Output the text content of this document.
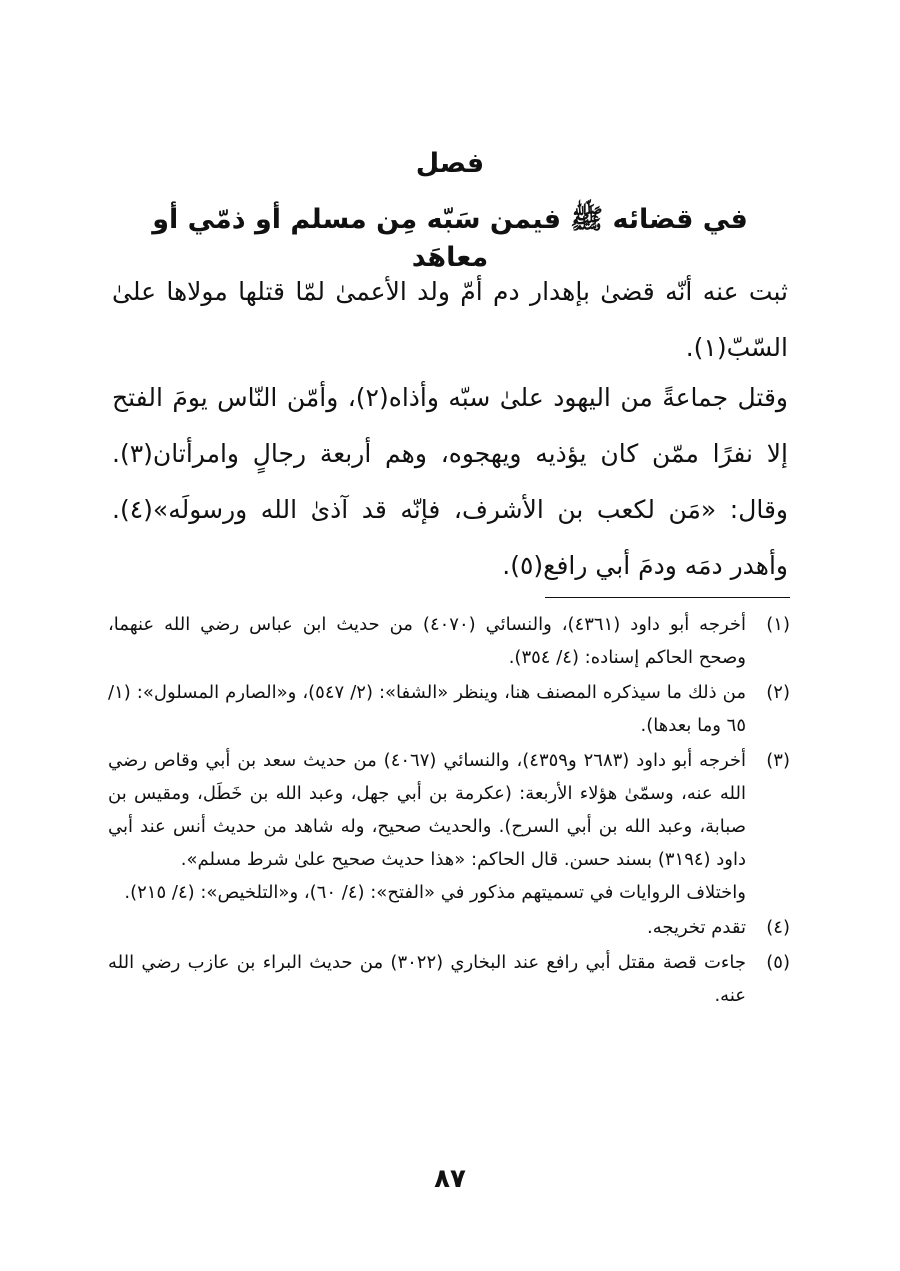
فصل
في قضائه ﷺ فيمن سَبّه مِن مسلم أو ذمّي أو معاهَد
ثبت عنه أنّه قضىٰ بإهدار دم أمّ ولد الأعمىٰ لمّا قتلها مولاها علىٰ السّبّ(١).
وقتل جماعةً من اليهود علىٰ سبّه وأذاه(٢)، وأمّن النّاس يومَ الفتح إلا نفرًا ممّن كان يؤذيه ويهجوه، وهم أربعة رجالٍ وامرأتان(٣). وقال: «مَن لكعب بن الأشرف، فإنّه قد آذىٰ الله ورسولَه»(٤). وأهدر دمَه ودمَ أبي رافع(٥).
(١)

أخرجه أبو داود (٤٣٦١)، والنسائي (٤٠٧٠) من حديث ابن عباس رضي الله عنهما، وصحح الحاكم إسناده: (٤/ ٣٥٤).

(٢)

من ذلك ما سيذكره المصنف هنا، وينظر «الشفا»: (٢/ ٥٤٧)، و«الصارم المسلول»: (١/ ٦٥ وما بعدها).

(٣)

أخرجه أبو داود (٢٦٨٣ و٤٣٥٩)، والنسائي (٤٠٦٧) من حديث سعد بن أبي وقاص رضي الله عنه، وسمّىٰ هؤلاء الأربعة: (عكرمة بن أبي جهل، وعبد الله بن خَطَل، ومقيس بن صبابة، وعبد الله بن أبي السرح). والحديث صحيح، وله شاهد من حديث أنس عند أبي داود (٣١٩٤) بسند حسن. قال الحاكم: «هذا حديث صحيح علىٰ شرط مسلم».

واختلاف الروايات في تسميتهم مذكور في «الفتح»: (٤/ ٦٠)، و«التلخيص»: (٤/ ٢١٥).

(٤)

تقدم تخريجه.

(٥)

جاءت قصة مقتل أبي رافع عند البخاري (٣٠٢٢) من حديث البراء بن عازب رضي الله عنه.

٨٧
